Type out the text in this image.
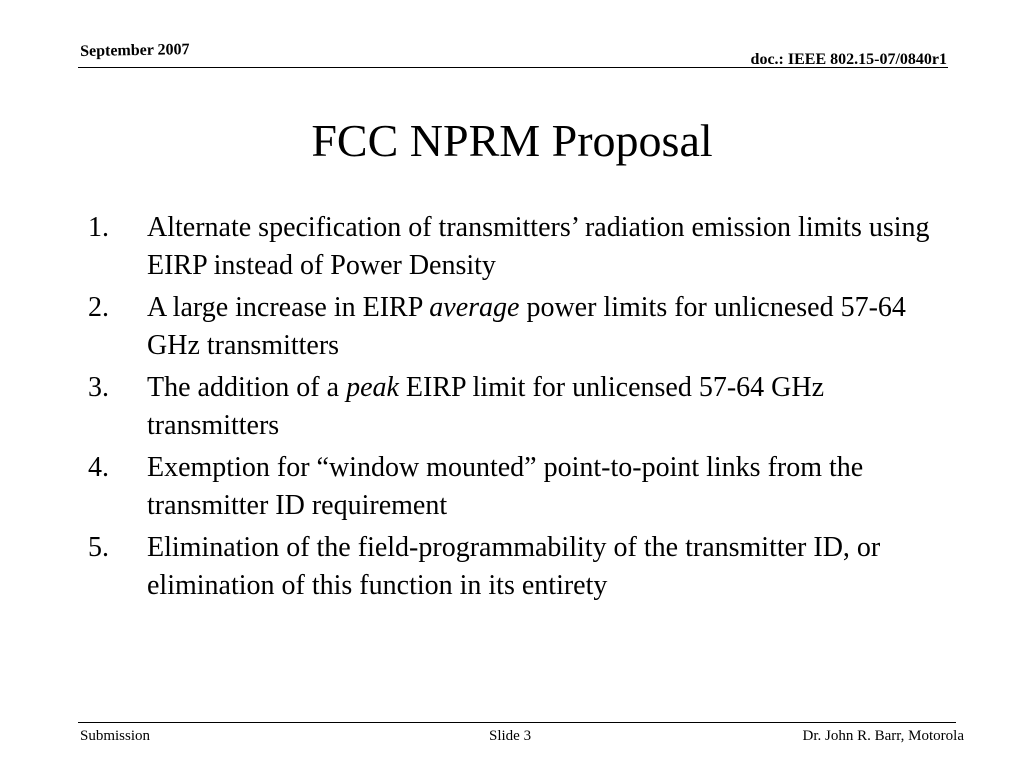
September 2007	doc.: IEEE 802.15-07/0840r1
FCC NPRM Proposal
1. Alternate specification of transmitters’ radiation emission limits using EIRP instead of Power Density
2. A large increase in EIRP average power limits for unlicnesed 57-64 GHz transmitters
3. The addition of a peak EIRP limit for unlicensed 57-64 GHz transmitters
4. Exemption for “window mounted” point-to-point links from the transmitter ID requirement
5. Elimination of the field-programmability of the transmitter ID, or elimination of this function in its entirety
Submission	Slide 3	Dr. John R. Barr, Motorola
